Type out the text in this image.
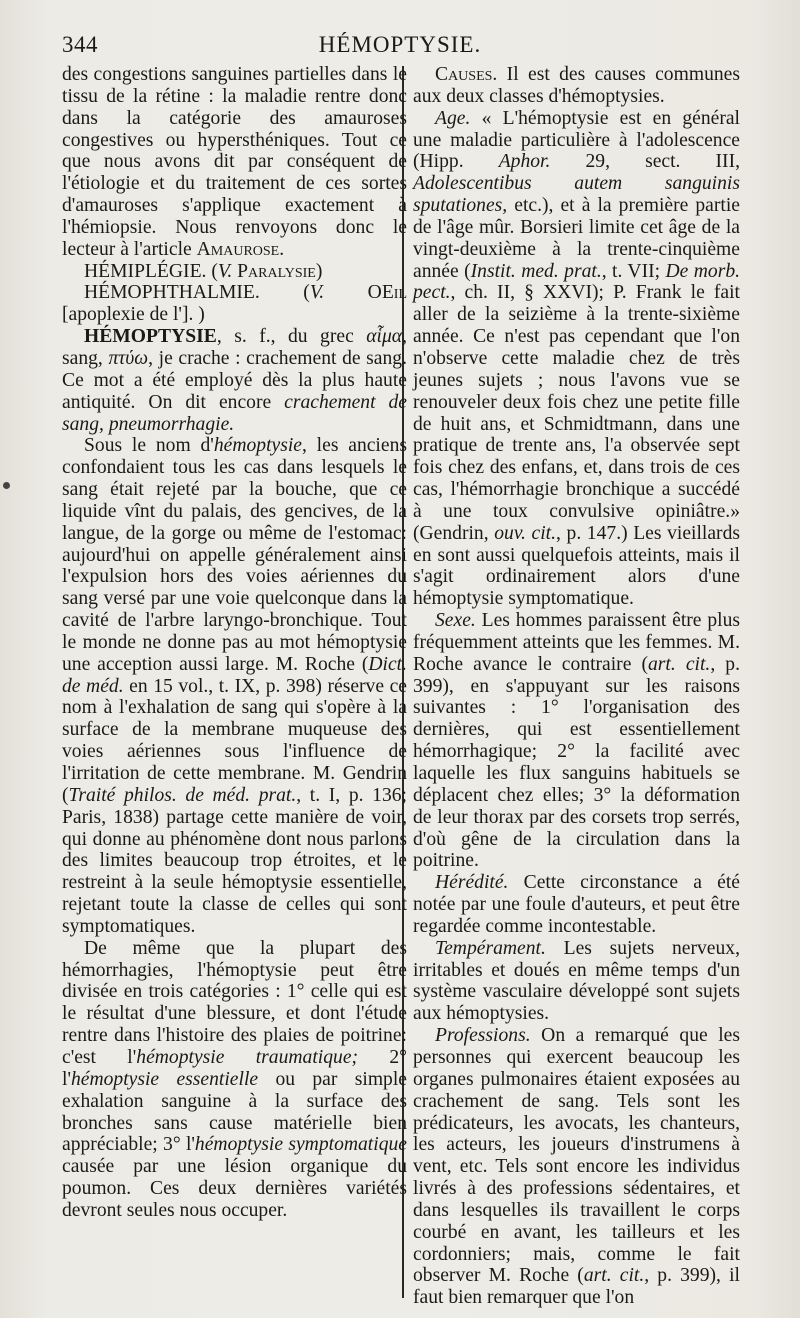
344	HÉMOPTYSIE.

des congestions sanguines partielles dans le tissu de la rétine : la maladie rentre donc dans la catégorie des amauroses congestives ou hypersthéniques. Tout ce que nous avons dit par conséquent de l'étiologie et du traitement de ces sortes d'amauroses s'applique exactement à l'hémiopsie. Nous renvoyons donc le lecteur à l'article Amaurose.

HÉMIPLÉGIE. (V. Paralysie)

HÉMOPHTHALMIE. (V. OEil [apoplexie de l']. )

HÉMOPTYSIE, s. f., du grec αἷμα, sang, πτύω, je crache : crachement de sang. Ce mot a été employé dès la plus haute antiquité. On dit encore crachement de sang, pneumorrhagie.

Sous le nom d'hémoptysie, les anciens confondaient tous les cas dans lesquels le sang était rejeté par la bouche, que ce liquide vînt du palais, des gencives, de la langue, de la gorge ou même de l'estomac: aujourd'hui on appelle généralement ainsi l'expulsion hors des voies aériennes du sang versé par une voie quelconque dans la cavité de l'arbre laryngo-bronchique. Tout le monde ne donne pas au mot hémoptysie une acception aussi large. M. Roche (Dict. de méd. en 15 vol., t. IX, p. 398) réserve ce nom à l'exhalation de sang qui s'opère à la surface de la membrane muqueuse des voies aériennes sous l'influence de l'irritation de cette membrane. M. Gendrin (Traité philos. de méd. prat., t. I, p. 136; Paris, 1838) partage cette manière de voir, qui donne au phénomène dont nous parlons des limites beaucoup trop étroites, et le restreint à la seule hémoptysie essentielle, rejetant toute la classe de celles qui sont symptomatiques.

De même que la plupart des hémorrhagies, l'hémoptysie peut être divisée en trois catégories : 1° celle qui est le résultat d'une blessure, et dont l'étude rentre dans l'histoire des plaies de poitrine: c'est l'hémoptysie traumatique; 2° l'hémoptysie essentielle ou par simple exhalation sanguine à la surface des bronches sans cause matérielle bien appréciable; 3° l'hémoptysie symptomatique causée par une lésion organique du poumon. Ces deux dernières variétés devront seules nous occuper.

Causes. Il est des causes communes aux deux classes d'hémoptysies.

Age. « L'hémoptysie est en général une maladie particulière à l'adolescence (Hipp. Aphor. 29, sect. III, Adolescentibus autem sanguinis sputationes, etc.), et à la première partie de l'âge mûr. Borsieri limite cet âge de la vingt-deuxième à la trente-cinquième année (Instit. med. prat., t. VII; De morb. pect., ch. II, § XXVI); P. Frank le fait aller de la seizième à la trente-sixième année. Ce n'est pas cependant que l'on n'observe cette maladie chez de très jeunes sujets ; nous l'avons vue se renouveler deux fois chez une petite fille de huit ans, et Schmidtmann, dans une pratique de trente ans, l'a observée sept fois chez des enfans, et, dans trois de ces cas, l'hémorrhagie bronchique a succédé à une toux convulsive opiniâtre.» (Gendrin, ouv. cit., p. 147.) Les vieillards en sont aussi quelquefois atteints, mais il s'agit ordinairement alors d'une hémoptysie symptomatique.

Sexe. Les hommes paraissent être plus fréquemment atteints que les femmes. M. Roche avance le contraire (art. cit., p. 399), en s'appuyant sur les raisons suivantes : 1° l'organisation des dernières, qui est essentiellement hémorrhagique; 2° la facilité avec laquelle les flux sanguins habituels se déplacent chez elles; 3° la déformation de leur thorax par des corsets trop serrés, d'où gêne de la circulation dans la poitrine.

Hérédité. Cette circonstance a été notée par une foule d'auteurs, et peut être regardée comme incontestable.

Tempérament. Les sujets nerveux, irritables et doués en même temps d'un système vasculaire développé sont sujets aux hémoptysies.

Professions. On a remarqué que les personnes qui exercent beaucoup les organes pulmonaires étaient exposées au crachement de sang. Tels sont les prédicateurs, les avocats, les chanteurs, les acteurs, les joueurs d'instrumens à vent, etc. Tels sont encore les individus livrés à des professions sédentaires, et dans lesquelles ils travaillent le corps courbé en avant, les tailleurs et les cordonniers; mais, comme le fait observer M. Roche (art. cit., p. 399), il faut bien remarquer que l'on
